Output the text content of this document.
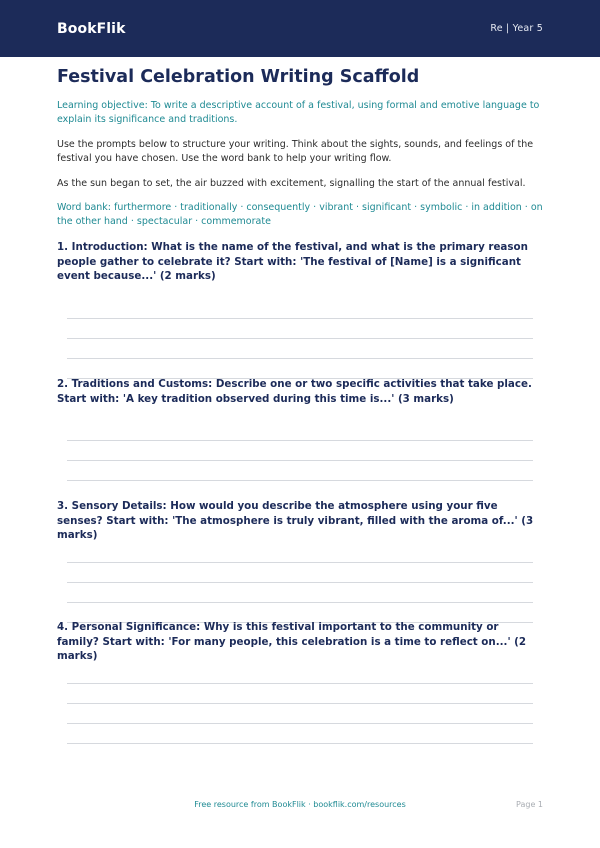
BookFlik	Re | Year 5
Festival Celebration Writing Scaffold
Learning objective: To write a descriptive account of a festival, using formal and emotive language to explain its significance and traditions.
Use the prompts below to structure your writing. Think about the sights, sounds, and feelings of the festival you have chosen. Use the word bank to help your writing flow.
As the sun began to set, the air buzzed with excitement, signalling the start of the annual festival.
Word bank: furthermore · traditionally · consequently · vibrant · significant · symbolic · in addition · on the other hand · spectacular · commemorate
1. Introduction: What is the name of the festival, and what is the primary reason people gather to celebrate it? Start with: 'The festival of [Name] is a significant event because...' (2 marks)
2. Traditions and Customs: Describe one or two specific activities that take place. Start with: 'A key tradition observed during this time is...' (3 marks)
3. Sensory Details: How would you describe the atmosphere using your five senses? Start with: 'The atmosphere is truly vibrant, filled with the aroma of...' (3 marks)
4. Personal Significance: Why is this festival important to the community or family? Start with: 'For many people, this celebration is a time to reflect on...' (2 marks)
Free resource from BookFlik · bookflik.com/resources	Page 1
